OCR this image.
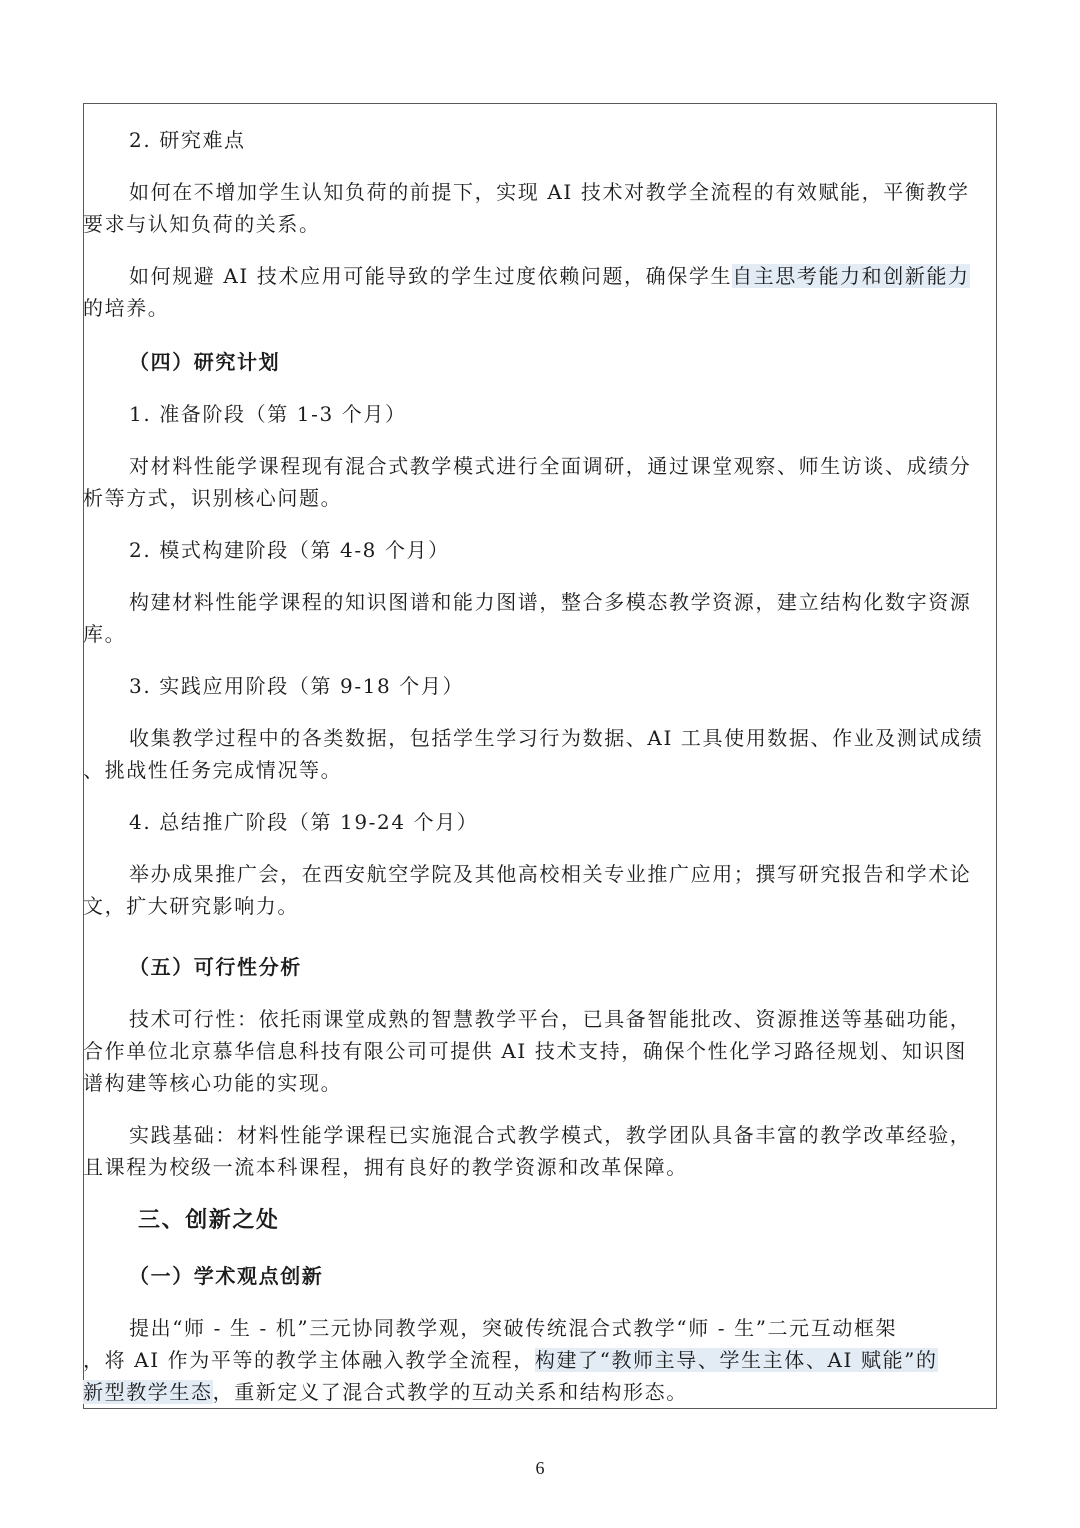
2. 研究难点
如何在不增加学生认知负荷的前提下，实现 AI 技术对教学全流程的有效赋能，平衡教学
要求与认知负荷的关系。
如何规避 AI 技术应用可能导致的学生过度依赖问题，确保学生自主思考能力和创新能力
的培养。
（四）研究计划
1. 准备阶段（第 1-3 个月）
对材料性能学课程现有混合式教学模式进行全面调研，通过课堂观察、师生访谈、成绩分
析等方式，识别核心问题。
2. 模式构建阶段（第 4-8 个月）
构建材料性能学课程的知识图谱和能力图谱，整合多模态教学资源，建立结构化数字资源
库。
3. 实践应用阶段（第 9-18 个月）
收集教学过程中的各类数据，包括学生学习行为数据、AI 工具使用数据、作业及测试成绩
、挑战性任务完成情况等。
4. 总结推广阶段（第 19-24 个月）
举办成果推广会，在西安航空学院及其他高校相关专业推广应用；撰写研究报告和学术论
文，扩大研究影响力。
（五）可行性分析
技术可行性：依托雨课堂成熟的智慧教学平台，已具备智能批改、资源推送等基础功能，
合作单位北京慕华信息科技有限公司可提供 AI 技术支持，确保个性化学习路径规划、知识图
谱构建等核心功能的实现。
实践基础：材料性能学课程已实施混合式教学模式，教学团队具备丰富的教学改革经验，
且课程为校级一流本科课程，拥有良好的教学资源和改革保障。
三、创新之处
（一）学术观点创新
提出“师 - 生 - 机”三元协同教学观，突破传统混合式教学“师 - 生”二元互动框架
，将 AI 作为平等的教学主体融入教学全流程，构建了“教师主导、学生主体、AI 赋能”的
新型教学生态，重新定义了混合式教学的互动关系和结构形态。
6
